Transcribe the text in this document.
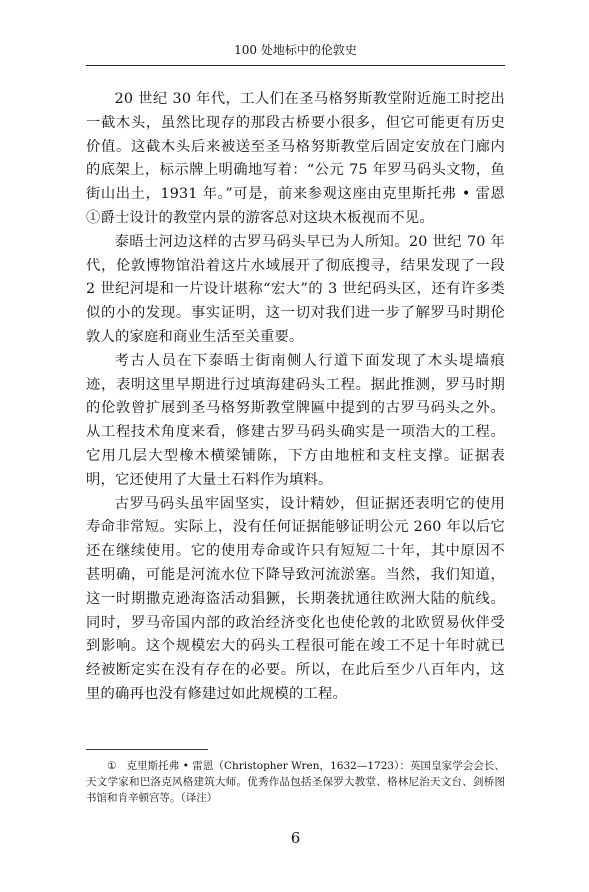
100 处地标中的伦敦史

20 世纪 30 年代，工人们在圣马格努斯教堂附近施工时挖出一截木头，虽然比现存的那段古桥要小很多，但它可能更有历史价值。这截木头后来被送至圣马格努斯教堂后固定安放在门廊内的底架上，标示牌上明确地写着：“公元 75 年罗马码头文物，鱼街山出土，1931 年。”可是，前来参观这座由克里斯托弗 • 雷恩①爵士设计的教堂内景的游客总对这块木板视而不见。

泰晤士河边这样的古罗马码头早已为人所知。20 世纪 70 年代，伦敦博物馆沿着这片水域展开了彻底搜寻，结果发现了一段 2 世纪河堤和一片设计堪称“宏大”的 3 世纪码头区，还有许多类似的小的发现。事实证明，这一切对我们进一步了解罗马时期伦敦人的家庭和商业生活至关重要。

考古人员在下泰晤士街南侧人行道下面发现了木头堤墙痕迹，表明这里早期进行过填海建码头工程。据此推测，罗马时期的伦敦曾扩展到圣马格努斯教堂牌匾中提到的古罗马码头之外。从工程技术角度来看，修建古罗马码头确实是一项浩大的工程。它用几层大型橡木横梁铺陈，下方由地桩和支柱支撑。证据表明，它还使用了大量土石料作为填料。

古罗马码头虽牢固坚实，设计精妙，但证据还表明它的使用寿命非常短。实际上，没有任何证据能够证明公元 260 年以后它还在继续使用。它的使用寿命或许只有短短二十年，其中原因不甚明确，可能是河流水位下降导致河流淤塞。当然，我们知道，这一时期撒克逊海盗活动猖獗，长期袭扰通往欧洲大陆的航线。同时，罗马帝国内部的政治经济变化也使伦敦的北欧贸易伙伴受到影响。这个规模宏大的码头工程很可能在竣工不足十年时就已经被断定实在没有存在的必要。所以，在此后至少八百年内，这里的确再也没有修建过如此规模的工程。

① 克里斯托弗 • 雷恩（Christopher Wren，1632—1723）：英国皇家学会会长、天文学家和巴洛克风格建筑大师。优秀作品包括圣保罗大教堂、格林尼治天文台、剑桥图书馆和肯辛顿宫等。（译注）

6
